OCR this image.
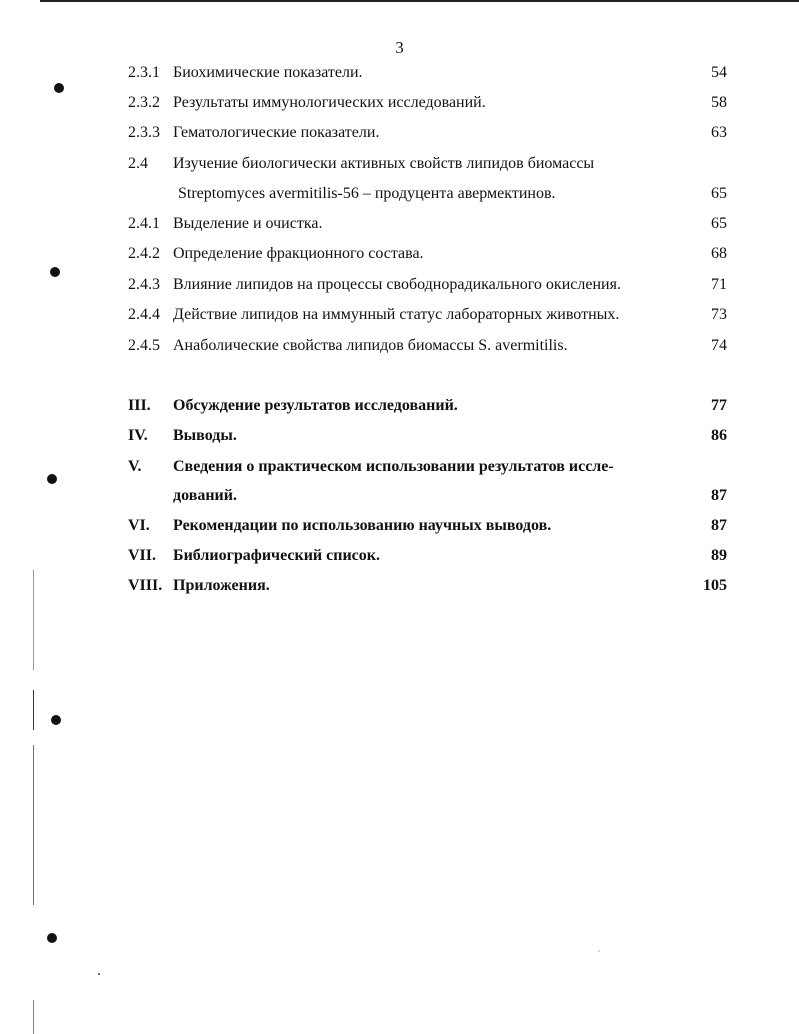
3
2.3.1 Биохимические показатели.	54
2.3.2 Результаты иммунологических исследований.	58
2.3.3 Гематологические показатели.	63
2.4 Изучение биологически активных свойств липидов биомассы
Streptomyces avermitilis-56 – продуцента авермектинов.	65
2.4.1 Выделение и очистка.	65
2.4.2 Определение фракционного состава.	68
2.4.3 Влияние липидов на процессы свободнорадикального окисления.	71
2.4.4 Действие липидов на иммунный статус лабораторных животных.	73
2.4.5 Анаболические свойства липидов биомассы S. avermitilis.	74
III. Обсуждение результатов исследований.	77
IV. Выводы.	86
V. Сведения о практическом использовании результатов иссле-
дований.	87
VI. Рекомендации по использованию научных выводов.	87
VII. Библиографический список.	89
VIII. Приложения.	105
